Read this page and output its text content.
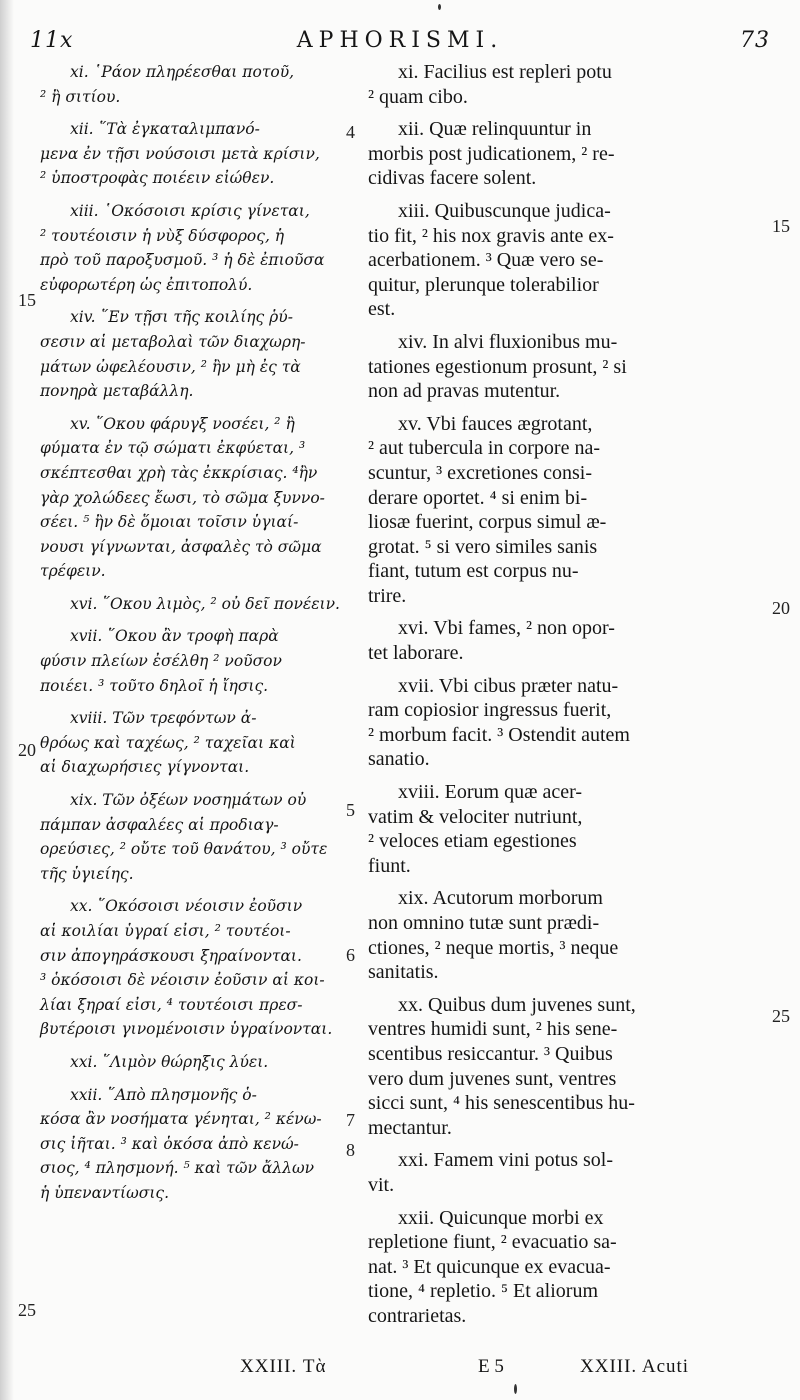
11x	APHORISMI.	73
xi. ῾Ράον πληρέεσθαι ποτοῦ,
² ἢ σιτίου.
xii. ῞Τὰ ἐγκαταλιμπανό-
μενα ἐν τῇσι νούσοισι μετὰ κρίσιν,
² ὑποστροφὰς ποιέειν εἰώθεν.
xiii. ῾Οκόσοισι κρίσις γίνεται,
² τουτέοισιν ἡ νὺξ δύσφορος, ἡ
πρὸ τοῦ παροξυσμοῦ. ³ ἡ δὲ ἐπιοῦσα
εὐφορωτέρη ὡς ἐπιτοπολύ.
xiv. ῞Εν τῇσι τῆς κοιλίης ῥύ-
σεσιν αἱ μεταβολαὶ τῶν διαχωρη-
μάτων ὠφελέουσιν, ² ἢν μὴ ἐς τὰ
πονηρὰ μεταβάλλη.
xv. ῞Οκου φάρυγξ νοσέει, ² ἢ
φύματα ἐν τῷ σώματι ἐκφύεται, ³
σκέπτεσθαι χρὴ τὰς ἐκκρίσιας. ⁴ἢν
γὰρ χολώδεες ἔωσι, τὸ σῶμα ξυννο-
σέει. ⁵ ἢν δὲ ὅμοιαι τοῖσιν ὑγιαί-
νουσι γίγνωνται, ἀσφαλὲς τὸ σῶμα
τρέφειν.
xvi. ῞Οκου λιμὸς, ² οὐ δεῖ πονέειν.
xvii. ῞Οκου ἂν τροφὴ παρὰ
φύσιν πλείων ἐσέλθη ² νοῦσον
ποιέει. ³ τοῦτο δηλοῖ ἡ ἴησις.
xviii. Τῶν τρεφόντων ἀ-
θρόως καὶ ταχέως, ² ταχεῖαι καὶ
αἱ διαχωρήσιες γίγνονται.
xix. Τῶν ὀξέων νοσημάτων οὐ
πάμπαν ἀσφαλέες αἱ προδιαγ-
ορεύσιες, ² οὔτε τοῦ θανάτου, ³ οὔτε
τῆς ὑγιείης.
xx. ῞Οκόσοισι νέοισιν ἐοῦσιν
αἱ κοιλίαι ὑγραί εἰσι, ² τουτέοι-
σιν ἀπογηράσκουσι ξηραίνονται.
³ ὁκόσοισι δὲ νέοισιν ἐοῦσιν αἱ κοι-
λίαι ξηραί εἰσι, ⁴ τουτέοισι πρεσ-
βυτέροισι γινομένοισιν ὑγραίνονται.
xxi. ῞Λιμὸν θώρηξις λύει.
xxii. ῞Απὸ πλησμονῆς ὁ-
κόσα ἂν νοσήματα γένηται, ² κένω-
σις ἰῆται. ³ καὶ ὁκόσα ἀπὸ κενώ-
σιος, ⁴ πλησμονή. ⁵ καὶ τῶν ἄλλων
ἡ ὑπεναντίωσις.
xi. Facilius est repleri potu
² quam cibo.
xii. Quæ relinquuntur in
morbis post judicationem, ² re-
cidivas facere solent.
xiii. Quibuscunque judica-
tio fit, ² his nox gravis ante ex-
acerbationem. ³ Quæ vero se-
quitur, plerunque tolerabilior
est.
xiv. In alvi fluxionibus mu-
tationes egestionum prosunt, ² si
non ad pravas mutentur.
xv. Vbi fauces ægrotant,
² aut tubercula in corpore na-
scuntur, ³ excretiones consi-
derare oportet. ⁴ si enim bi-
liosæ fuerint, corpus simul æ-
grotat. ⁵ si vero similes sanis
fiant, tutum est corpus nu-
trire.
xvi. Vbi fames, ² non opor-
tet laborare.
xvii. Vbi cibus præter natu-
ram copiosior ingressus fuerit,
² morbum facit. ³ Ostendit autem
sanatio.
xviii. Eorum quæ acer-
vatim & velociter nutriunt,
² veloces etiam egestiones
fiunt.
xix. Acutorum morborum
non omnino tutæ sunt prædi-
ctiones, ² neque mortis, ³ neque
sanitatis.
xx. Quibus dum juvenes sunt,
ventres humidi sunt, ² his sene-
scentibus resiccantur. ³ Quibus
vero dum juvenes sunt, ventres
sicci sunt, ⁴ his senescentibus hu-
mectantur.
xxi. Famem vini potus sol-
vit.
xxii. Quicunque morbi ex
repletione fiunt, ² evacuatio sa-
nat. ³ Et quicunque ex evacua-
tione, ⁴ repletio. ⁵ Et aliorum
contrarietas.
15
20
25
4
5
6
7
8
15
20
25
XXIII. Τὰ	E 5	XXIII. Acuti
